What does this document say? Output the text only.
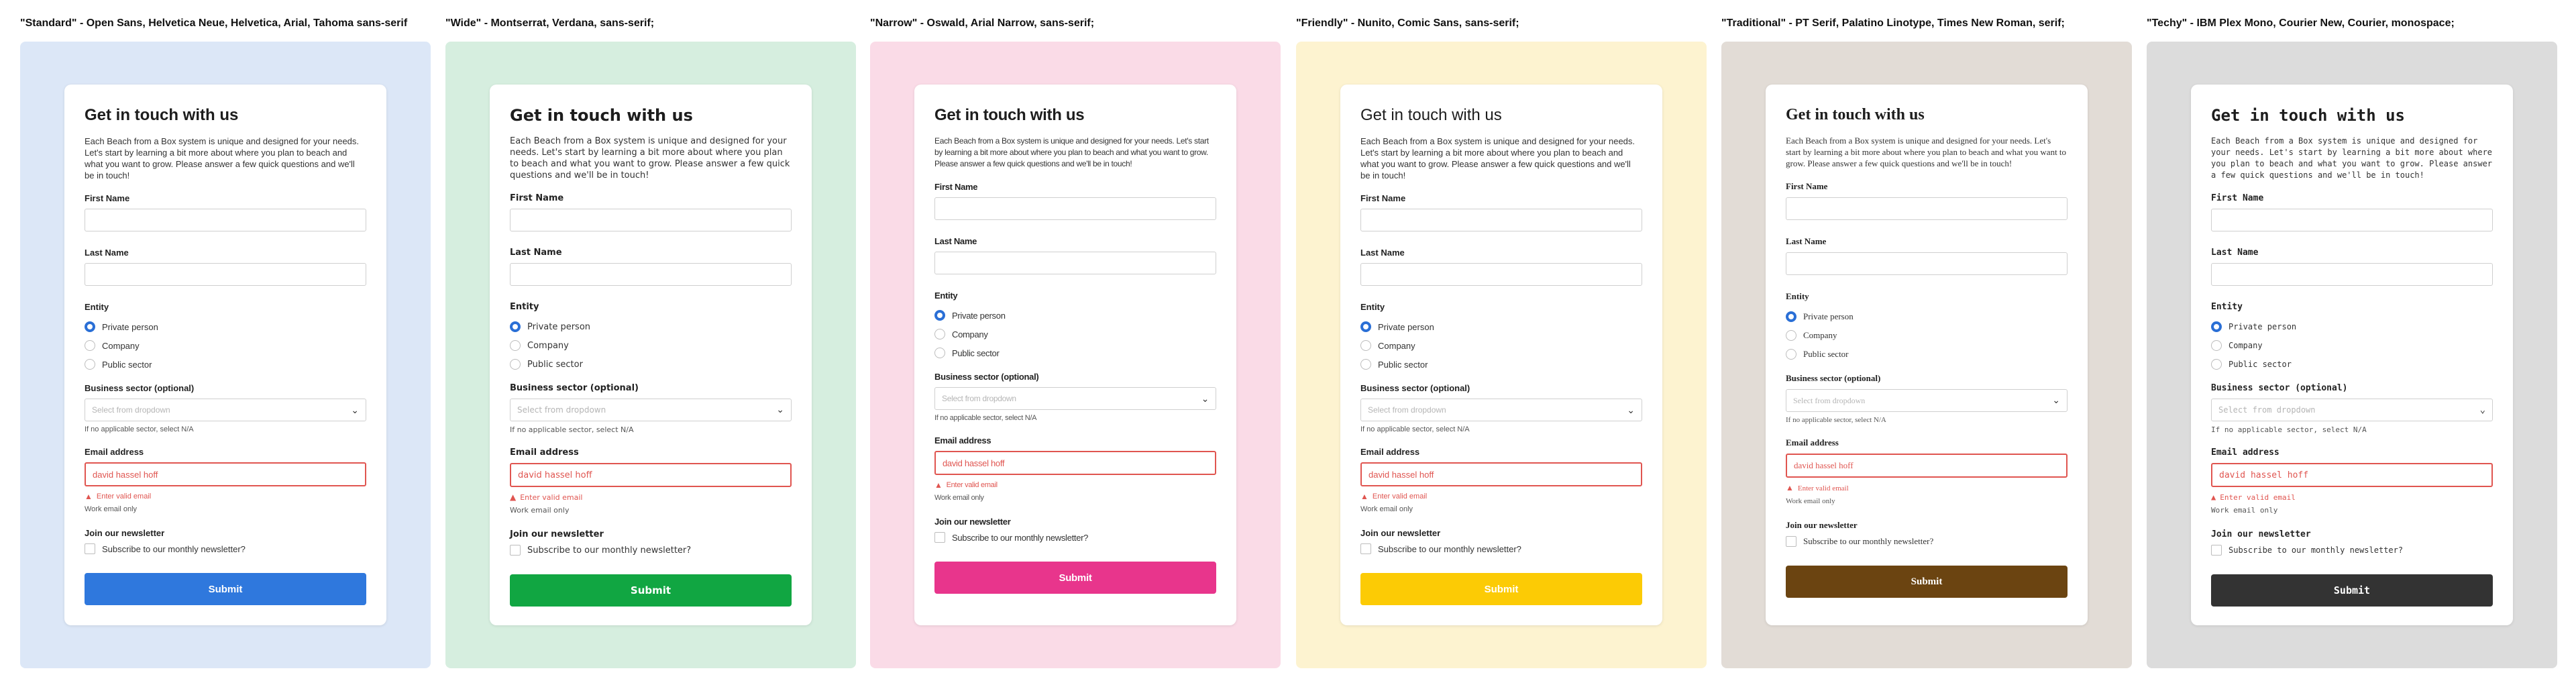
"Standard" - Open Sans, Helvetica Neue, Helvetica, Arial, Tahoma sans-serif
Get in touch with us

Each Beach from a Box system is unique and designed for your needs. Let's start by learning a bit more about where you plan to beach and what you want to grow. Please answer a few quick questions and we'll be in touch!

First Name
Last Name
Entity
Private person
Company
Public sector
Business sector (optional)
Select from dropdown	⌄
If no applicable sector, select N/A
Email address
david hassel hoff
▲ Enter valid email
Work email only
Join our newsletter
Subscribe to our monthly newsletter?
Submit
"Wide" - Montserrat, Verdana, sans-serif;
Get in touch with us

Each Beach from a Box system is unique and designed for your needs. Let's start by learning a bit more about where you plan to beach and what you want to grow. Please answer a few quick questions and we'll be in touch!

First Name
Last Name
Entity
Private person
Company
Public sector
Business sector (optional)
Select from dropdown	⌄
If no applicable sector, select N/A
Email address
david hassel hoff
▲ Enter valid email
Work email only
Join our newsletter
Subscribe to our monthly newsletter?
Submit
"Narrow" - Oswald, Arial Narrow, sans-serif;
Get in touch with us

Each Beach from a Box system is unique and designed for your needs. Let's start by learning a bit more about where you plan to beach and what you want to grow. Please answer a few quick questions and we'll be in touch!

First Name
Last Name
Entity
Private person
Company
Public sector
Business sector (optional)
Select from dropdown	⌄
If no applicable sector, select N/A
Email address
david hassel hoff
▲ Enter valid email
Work email only
Join our newsletter
Subscribe to our monthly newsletter?
Submit
"Friendly" - Nunito, Comic Sans, sans-serif;
Get in touch with us

Each Beach from a Box system is unique and designed for your needs. Let's start by learning a bit more about where you plan to beach and what you want to grow. Please answer a few quick questions and we'll be in touch!

First Name
Last Name
Entity
Private person
Company
Public sector
Business sector (optional)
Select from dropdown	⌄
If no applicable sector, select N/A
Email address
david hassel hoff
▲ Enter valid email
Work email only
Join our newsletter
Subscribe to our monthly newsletter?
Submit
"Traditional" - PT Serif, Palatino Linotype, Times New Roman, serif;
Get in touch with us

Each Beach from a Box system is unique and designed for your needs. Let's start by learning a bit more about where you plan to beach and what you want to grow. Please answer a few quick questions and we'll be in touch!

First Name
Last Name
Entity
Private person
Company
Public sector
Business sector (optional)
Select from dropdown	⌄
If no applicable sector, select N/A
Email address
david hassel hoff
▲ Enter valid email
Work email only
Join our newsletter
Subscribe to our monthly newsletter?
Submit
"Techy" - IBM Plex Mono, Courier New, Courier, monospace;
Get in touch with us

Each Beach from a Box system is unique and designed for your needs. Let's start by learning a bit more about where you plan to beach and what you want to grow. Please answer a few quick questions and we'll be in touch!

First Name
Last Name
Entity
Private person
Company
Public sector
Business sector (optional)
Select from dropdown	⌄
If no applicable sector, select N/A
Email address
david hassel hoff
▲ Enter valid email
Work email only
Join our newsletter
Subscribe to our monthly newsletter?
Submit
